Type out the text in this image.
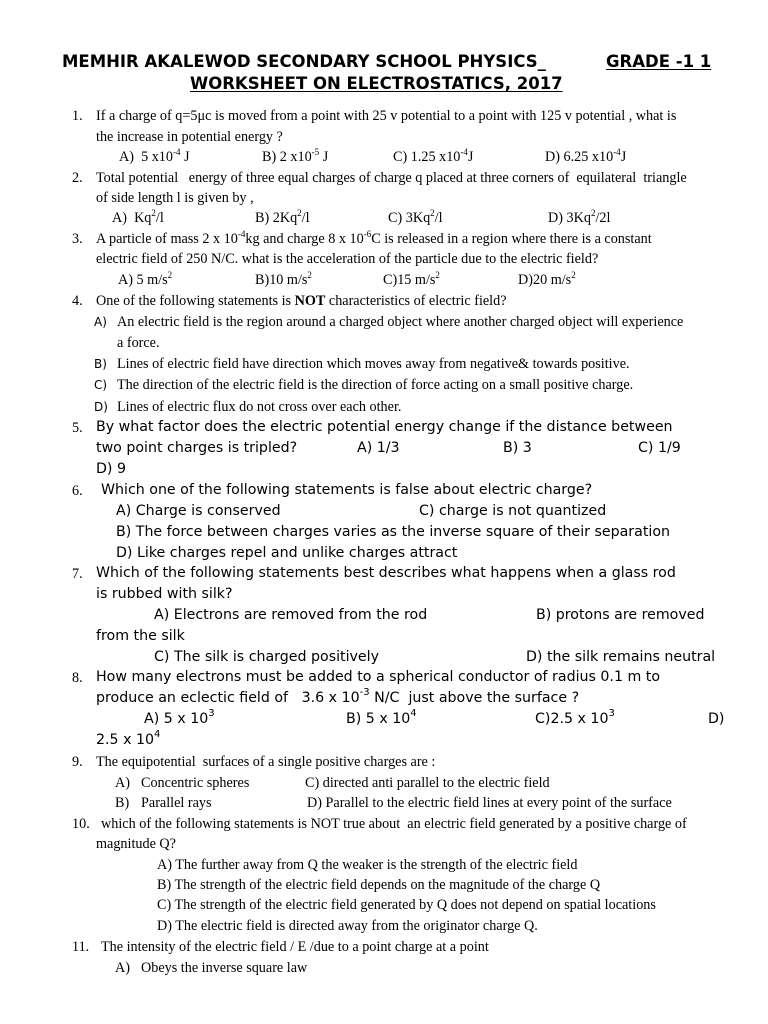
MEMHIR AKALEWOD SECONDARY SCHOOL PHYSICS_	GRADE -1 1
WORKSHEET ON ELECTROSTATICS, 2017
1. If a charge of q=5μc is moved from a point with 25 v potential to a point with 125 v potential , what is
the increase in potential energy ?
A)  5 $x10^{-4}$ J	B) 2 $x10^{-5}$ J	C) 1.25 $x10^{-4}J$	D) 6.25 $x10^{-4}J$
2. Total potential   energy of three equal charges of charge q placed at three corners of  equilateral  triangle
of side length l is given by ,
A)  Kq$^2$/l	B) 2Kq$^2$/l	C) 3Kq$^2$/l	D) 3Kq$^2$/2l
3. A particle of mass 2 x $10^{-4}kg$ and charge 8 x $10^{-6}C$ is released in a region where there is a constant
electric field of 250 N/C. what is the acceleration of the particle due to the electric field?
A) 5 $m/s^2$	B)10 $m/s^2$	C)15 $m/s^2$	D)20 $m/s^2$
4. One of the following statements is NOT characteristics of electric field?
A) An electric field is the region around a charged object where another charged object will experience
a force.
B) Lines of electric field have direction which moves away from negative& towards positive.
C) The direction of the electric field is the direction of force acting on a small positive charge.
D) Lines of electric flux do not cross over each other.
5. By what factor does the electric potential energy change if the distance between
two point charges is tripled?	A) 1/3	B) 3	C) 1/9
D) 9
6. Which one of the following statements is false about electric charge?
A) Charge is conserved	C) charge is not quantized
B) The force between charges varies as the inverse square of their separation
D) Like charges repel and unlike charges attract
7. Which of the following statements best describes what happens when a glass rod
is rubbed with silk?
A) Electrons are removed from the rod	B) protons are removed
from the silk
C) The silk is charged positively	D) the silk remains neutral
8. How many electrons must be added to a spherical conductor of radius 0.1 m to
produce an eclectic field of   3.6 x $10^{-3}$ N/C  just above the surface ?
A) 5 x $10^3$	B) 5 x $10^4$	C)2.5 x $10^3$	D)
2.5 x $10^4$
9. The equipotential  surfaces of a single positive charges are :
A) Concentric spheres	C) directed anti parallel to the electric field
B) Parallel rays	D) Parallel to the electric field lines at every point of the surface
10. which of the following statements is NOT true about  an electric field generated by a positive charge of
magnitude Q?
A) The further away from Q the weaker is the strength of the electric field
B) The strength of the electric field depends on the magnitude of the charge Q
C) The strength of the electric field generated by Q does not depend on spatial locations
D) The electric field is directed away from the originator charge Q.
11. The intensity of the electric field / E /due to a point charge at a point
A) Obeys the inverse square law
